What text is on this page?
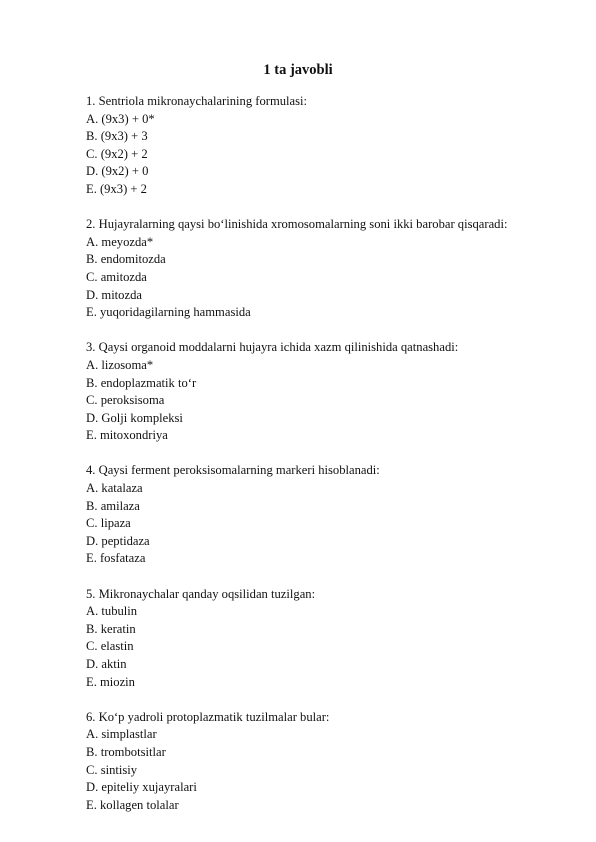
1 ta javobli
1. Sentriola mikronaychalarining formulasi:
A. (9x3) + 0*
B. (9x3) + 3
C. (9x2) + 2
D. (9x2) + 0
E. (9x3) + 2
2. Hujayralarning qaysi bo‘linishida xromosomalarning soni ikki barobar qisqaradi:
A. meyozda*
B. endomitozda
C. amitozda
D. mitozda
E. yuqoridagilarning hammasida
3. Qaysi organoid moddalarni hujayra ichida xazm qilinishida qatnashadi:
A. lizosoma*
B. endoplazmatik to‘r
C. peroksisoma
D. Golji kompleksi
E. mitoxondriya
4. Qaysi ferment peroksisomalarning markeri hisoblanadi:
A. katalaza
B. amilaza
C. lipaza
D. peptidaza
E. fosfataza
5. Mikronaychalar qanday oqsilidan tuzilgan:
A. tubulin
B. keratin
C. elastin
D. aktin
E. miozin
6. Ko‘p yadroli protoplazmatik tuzilmalar bular:
A. simplastlar
B. trombotsitlar
C. sintisiy
D. epiteliy xujayralari
E. kollagen tolalar
